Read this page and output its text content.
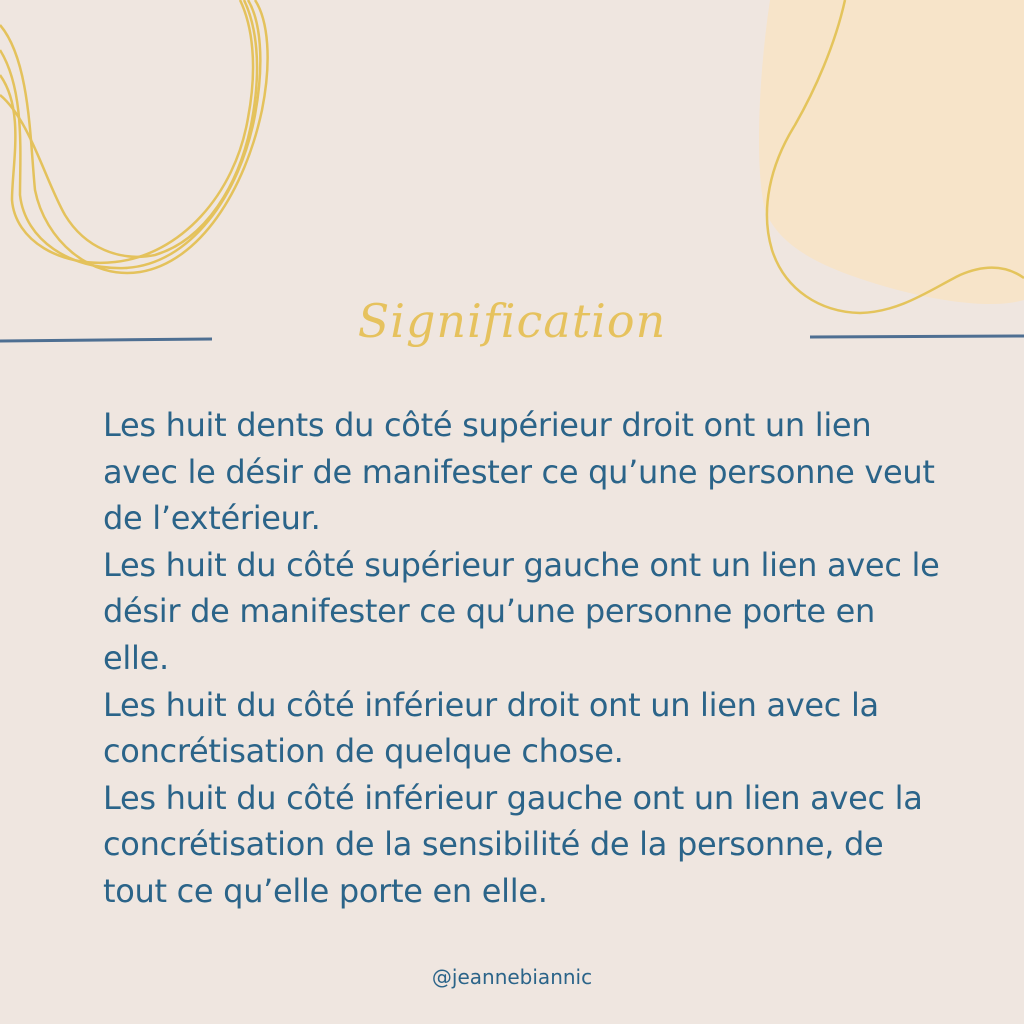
Signification

Les huit dents du côté supérieur droit ont un lien avec le désir de manifester ce qu’une personne veut de l’extérieur.

Les huit du côté supérieur gauche ont un lien avec le désir de manifester ce qu’une personne porte en elle.

Les huit du côté inférieur droit ont un lien avec la concrétisation de quelque chose.

Les huit du côté inférieur gauche ont un lien avec la concrétisation de la sensibilité de la personne, de tout ce qu’elle porte en elle.

@jeannebiannic
